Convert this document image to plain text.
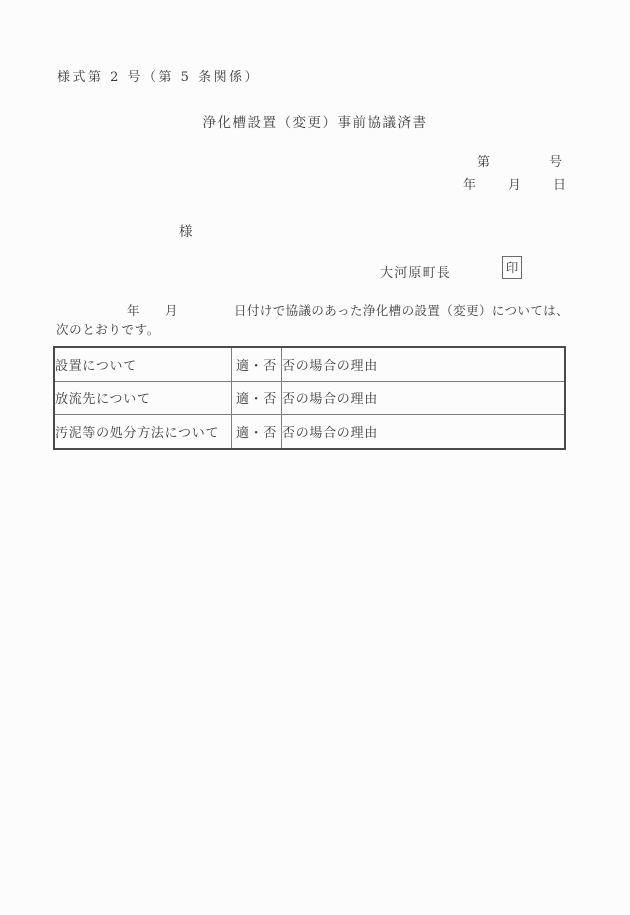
様式第 2 号（第 5 条関係）
浄化槽設置（変更）事前協議済書
第	号
年 月 日
様
大河原町長	印
年 月	日付けで協議のあった浄化槽の設置（変更）については、
次のとおりです。
設置について	適・否	否の場合の理由
放流先について	適・否	否の場合の理由
汚泥等の処分方法について	適・否	否の場合の理由
